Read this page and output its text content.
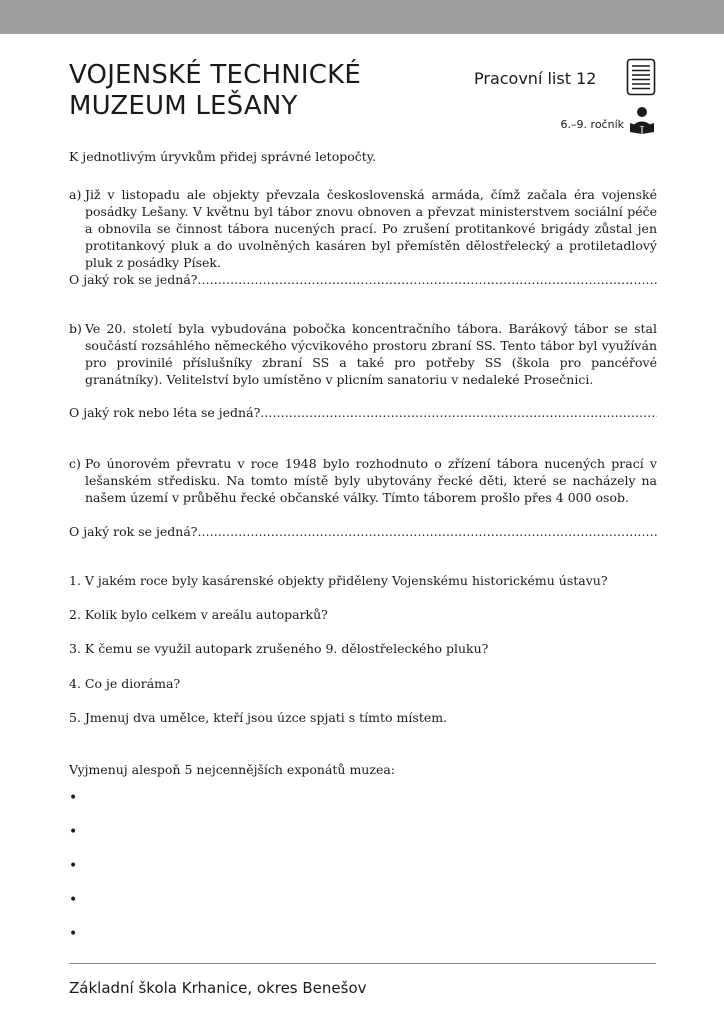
VOJENSKÉ TECHNICKÉ
MUZEUM LEŠANY
Pracovní list 12
6.–9. ročník

K jednotlivým úryvkům přidej správné letopočty.

a) Již v listopadu ale objekty převzala československá armáda, čímž začala éra vojenské posádky Lešany. V květnu byl tábor znovu obnoven a převzat ministerstvem sociální péče a obnovila se činnost tábora nucených prací. Po zrušení protitankové brigády zůstal jen protitankový pluk a do uvolněných kasáren byl přemístěn dělostřelecký a protiletadlový pluk z posádky Písek.
O jaký rok se jedná?.....
b) Ve 20. století byla vybudována pobočka koncentračního tábora. Barákový tábor se stal součástí rozsáhlého německého výcvikového prostoru zbraní SS. Tento tábor byl využíván pro provinilé příslušníky zbraní SS a také pro potřeby SS (škola pro pancéřové granátníky). Velitelství bylo umístěno v plicním sanatoriu v nedaleké Prosečnici.
O jaký rok nebo léta se jedná?.....
c) Po únorovém převratu v roce 1948 bylo rozhodnuto o zřízení tábora nucených prací v lešanském středisku. Na tomto místě byly ubytovány řecké děti, které se nacházely na našem území v průběhu řecké občanské války. Tímto táborem prošlo přes 4 000 osob.
O jaký rok se jedná?.....
1. V jakém roce byly kasárenské objekty přiděleny Vojenskému historickému ústavu?
2. Kolik bylo celkem v areálu autoparků?
3. K čemu se využil autopark zrušeného 9. dělostřeleckého pluku?
4. Co je dioráma?
5. Jmenuj dva umělce, kteří jsou úzce spjati s tímto místem.
Vyjmenuj alespoň 5 nejcennějších exponátů muzea:
•
•
•
•
•
Základní škola Krhanice, okres Benešov
